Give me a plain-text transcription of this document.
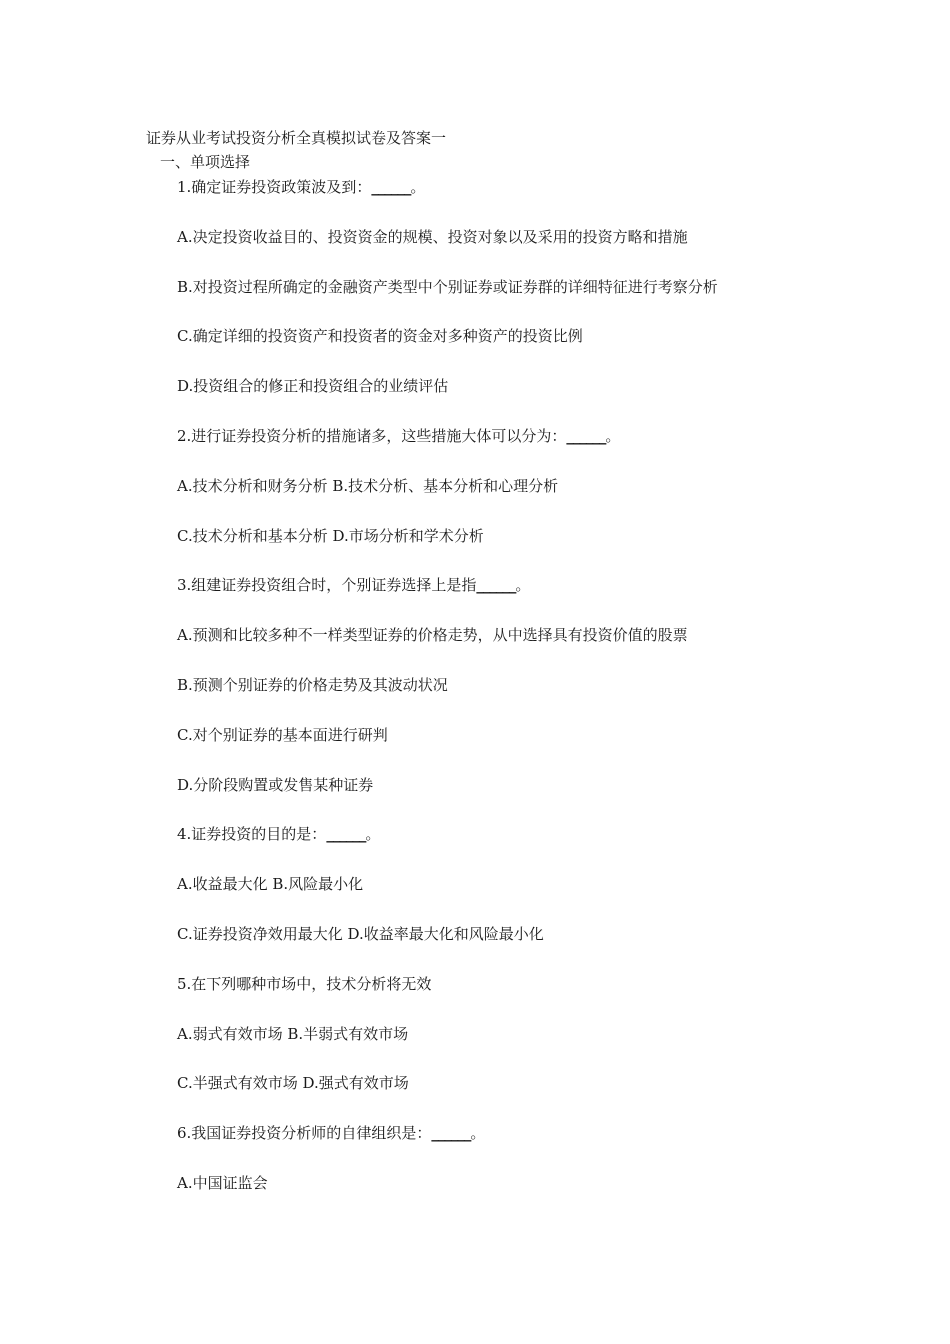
证券从业考试投资分析全真模拟试卷及答案一
一、单项选择
1.确定证券投资政策波及到：______。
A.决定投资收益目的、投资资金的规模、投资对象以及采用的投资方略和措施
B.对投资过程所确定的金融资产类型中个别证券或证券群的详细特征进行考察分析
C.确定详细的投资资产和投资者的资金对多种资产的投资比例
D.投资组合的修正和投资组合的业绩评估
2.进行证券投资分析的措施诸多，这些措施大体可以分为：______。
A.技术分析和财务分析 B.技术分析、基本分析和心理分析
C.技术分析和基本分析 D.市场分析和学术分析
3.组建证券投资组合时，个别证券选择上是指______。
A.预测和比较多种不一样类型证券的价格走势，从中选择具有投资价值的股票
B.预测个别证券的价格走势及其波动状况
C.对个别证券的基本面进行研判
D.分阶段购置或发售某种证券
4.证券投资的目的是：______。
A.收益最大化 B.风险最小化
C.证券投资净效用最大化 D.收益率最大化和风险最小化
5.在下列哪种市场中，技术分析将无效
A.弱式有效市场 B.半弱式有效市场
C.半强式有效市场 D.强式有效市场
6.我国证券投资分析师的自律组织是：______。
A.中国证监会
